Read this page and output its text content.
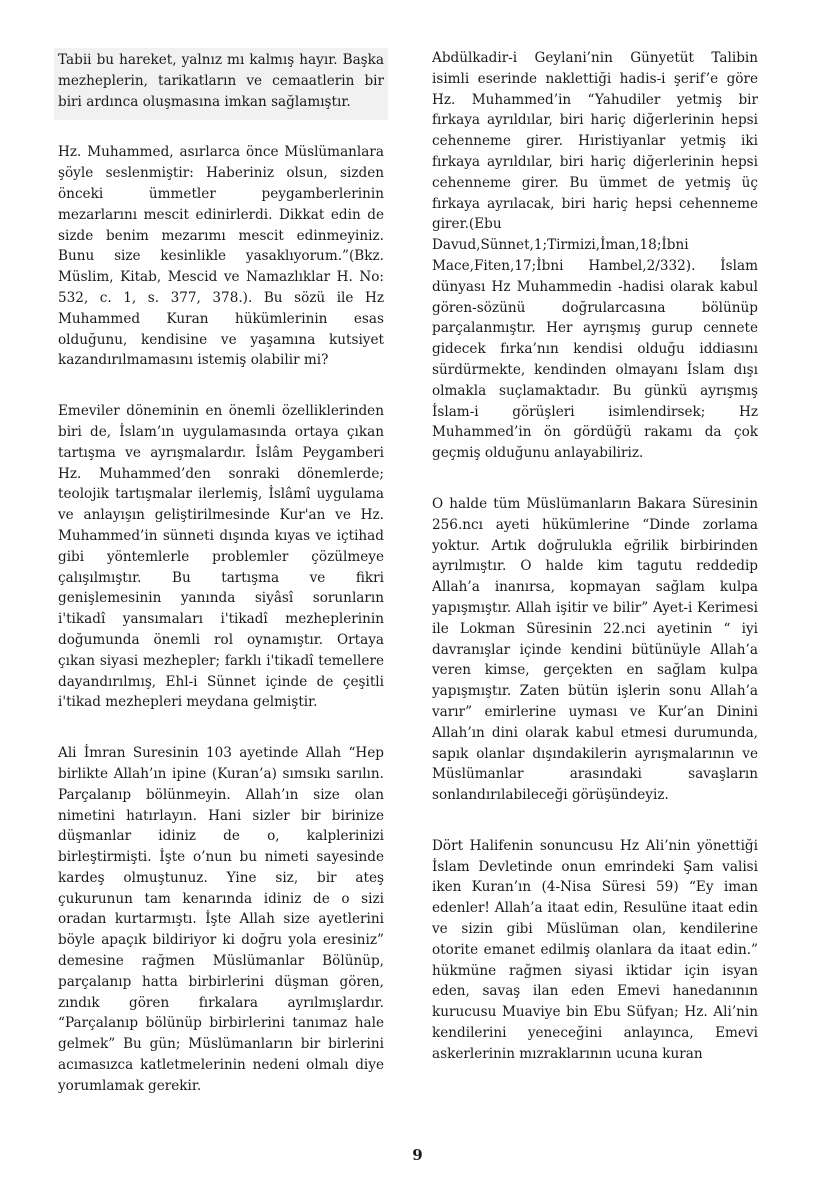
Tabii bu hareket, yalnız mı kalmış hayır. Başka mezheplerin, tarikatların ve cemaatlerin bir biri ardınca oluşmasına imkan sağlamıştır.

Hz. Muhammed, asırlarca önce Müslümanlara şöyle seslenmiştir: Haberiniz olsun, sizden önceki ümmetler peygamberlerinin mezarlarını mescit edinirlerdi. Dikkat edin de sizde benim mezarımı mescit edinmeyiniz. Bunu size kesinlikle yasaklıyorum.”(Bkz. Müslim, Kitab, Mescid ve Namazlıklar H. No: 532, c. 1, s. 377, 378.). Bu sözü ile Hz Muhammed Kuran hükümlerinin esas olduğunu, kendisine ve yaşamına kutsiyet kazandırılmamasını istemiş olabilir mi?

Emeviler döneminin en önemli özelliklerinden biri de, İslam’ın uygulamasında ortaya çıkan tartışma ve ayrışmalardır. İslâm Peygamberi Hz. Muhammed’den sonraki dönemlerde; teolojik tartışmalar ilerlemiş, İslâmî uygulama ve anlayışın geliştirilmesinde Kur'an ve Hz. Muhammed’in sünneti dışında kıyas ve içtihad gibi yöntemlerle problemler çözülmeye çalışılmıştır. Bu tartışma ve fikri genişlemesinin yanında siyâsî sorunların i'tikadî yansımaları i'tikadî mezheplerinin doğumunda önemli rol oynamıştır. Ortaya çıkan siyasi mezhepler; farklı i'tikadî temellere dayandırılmış, Ehl-i Sünnet içinde de çeşitli i'tikad mezhepleri meydana gelmiştir.

Ali İmran Suresinin 103 ayetinde Allah “Hep birlikte Allah’ın ipine (Kuran’a) sımsıkı sarılın. Parçalanıp bölünmeyin. Allah’ın size olan nimetini hatırlayın. Hani sizler bir birinize düşmanlar idiniz de o, kalplerinizi birleştirmişti. İşte o’nun bu nimeti sayesinde kardeş olmuştunuz. Yine siz, bir ateş çukurunun tam kenarında idiniz de o sizi oradan kurtarmıştı. İşte Allah size ayetlerini böyle apaçık bildiriyor ki doğru yola eresiniz” demesine rağmen Müslümanlar Bölünüp, parçalanıp hatta birbirlerini düşman gören, zındık gören fırkalara ayrılmışlardır. “Parçalanıp bölünüp birbirlerini tanımaz hale gelmek” Bu gün; Müslümanların bir birlerini acımasızca katletmelerinin nedeni olmalı diye yorumlamak gerekir.

Abdülkadir-i Geylani’nin Günyetüt Talibin isimli eserinde naklettiği hadis-i şerif’e göre Hz. Muhammed’in “Yahudiler yetmiş bir fırkaya ayrıldılar, biri hariç diğerlerinin hepsi cehenneme girer. Hıristiyanlar yetmiş iki fırkaya ayrıldılar, biri hariç diğerlerinin hepsi cehenneme girer. Bu ümmet de yetmiş üç fırkaya ayrılacak, biri hariç hepsi cehenneme girer.(Ebu Davud,Sünnet,1;Tirmizi,İman,18;İbni Mace,Fiten,17;İbni Hambel,2/332). İslam dünyası Hz Muhammedin -hadisi olarak kabul gören-sözünü doğrularcasına bölünüp parçalanmıştır. Her ayrışmış gurup cennete gidecek fırka’nın kendisi olduğu iddiasını sürdürmekte, kendinden olmayanı İslam dışı olmakla suçlamaktadır. Bu günkü ayrışmış İslam-i görüşleri isimlendirsek; Hz Muhammed’in ön gördüğü rakamı da çok geçmiş olduğunu anlayabiliriz.

O halde tüm Müslümanların Bakara Süresinin 256.ncı ayeti hükümlerine “Dinde zorlama yoktur. Artık doğrulukla eğrilik birbirinden ayrılmıştır. O halde kim tagutu reddedip Allah’a inanırsa, kopmayan sağlam kulpa yapışmıştır. Allah işitir ve bilir” Ayet-i Kerimesi ile Lokman Süresinin 22.nci ayetinin “ iyi davranışlar içinde kendini bütünüyle Allah’a veren kimse, gerçekten en sağlam kulpa yapışmıştır. Zaten bütün işlerin sonu Allah’a varır” emirlerine uyması ve Kur’an Dinini Allah’ın dini olarak kabul etmesi durumunda, sapık olanlar dışındakilerin ayrışmalarının ve Müslümanlar arasındaki savaşların sonlandırılabileceği görüşündeyiz.

Dört Halifenin sonuncusu Hz Ali’nin yönettiği İslam Devletinde onun emrindeki Şam valisi iken Kuran’ın (4-Nisa Süresi 59) “Ey iman edenler! Allah’a itaat edin, Resulüne itaat edin ve sizin gibi Müslüman olan, kendilerine otorite emanet edilmiş olanlara da itaat edin.” hükmüne rağmen siyasi iktidar için isyan eden, savaş ilan eden Emevi hanedanının kurucusu Muaviye bin Ebu Süfyan; Hz. Ali’nin kendilerini yeneceğini anlayınca, Emevi askerlerinin mızraklarının ucuna kuran

9
